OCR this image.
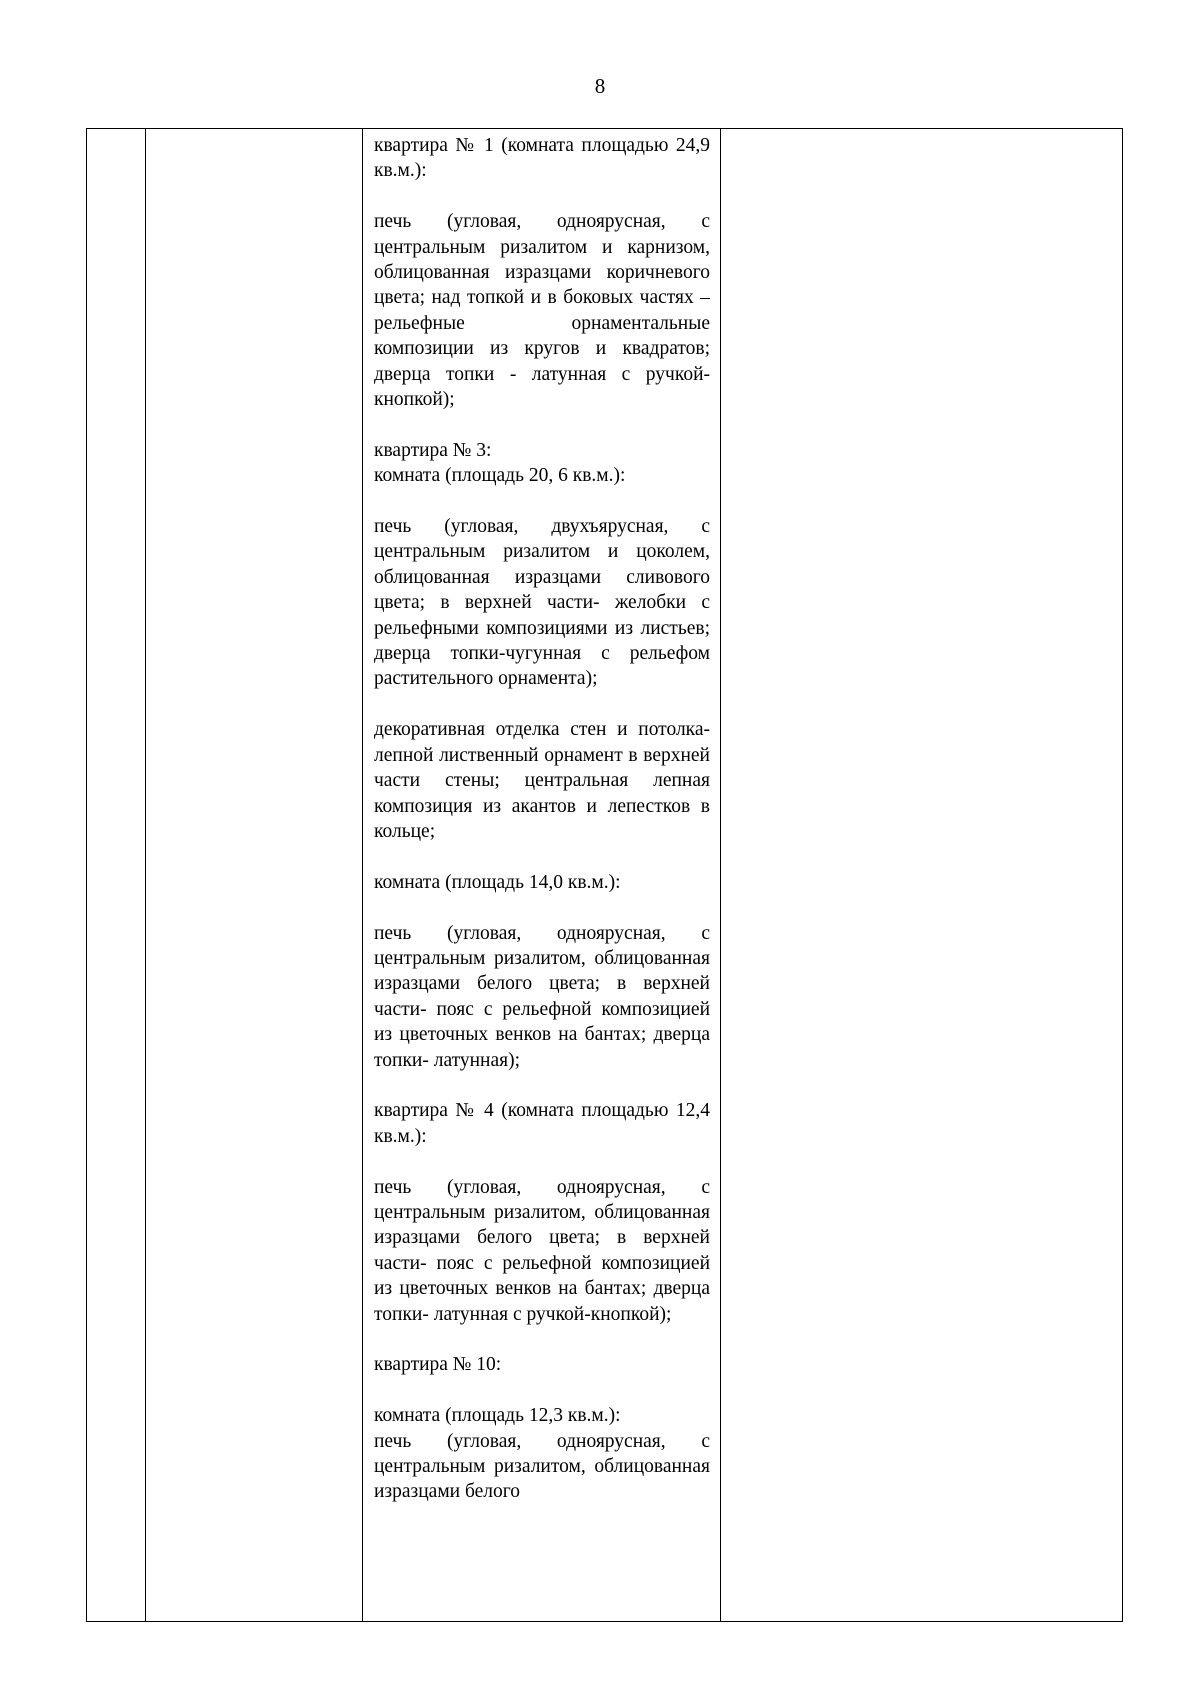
8

квартира № 1 (комната площадью 24,9 кв.м.):

печь (угловая, одноярусная, с центральным ризалитом и карнизом, облицованная изразцами коричневого цвета; над топкой и в боковых частях – рельефные орнаментальные композиции из кругов и квадратов; дверца топки - латунная с ручкой-кнопкой);

квартира № 3:

комната (площадь 20, 6 кв.м.):

печь (угловая, двухъярусная, с центральным ризалитом и цоколем, облицованная изразцами сливового цвета; в верхней части- желобки с рельефными композициями из листьев; дверца топки-чугунная с рельефом растительного орнамента);

декоративная отделка стен и потолка- лепной лиственный орнамент в верхней части стены; центральная лепная композиция из акантов и лепестков в кольце;

комната (площадь 14,0 кв.м.):

печь (угловая, одноярусная, с центральным ризалитом, облицованная изразцами белого цвета; в верхней части- пояс с рельефной композицией из цветочных венков на бантах; дверца топки- латунная);

квартира № 4 (комната площадью 12,4 кв.м.):

печь (угловая, одноярусная, с центральным ризалитом, облицованная изразцами белого цвета; в верхней части- пояс с рельефной композицией из цветочных венков на бантах; дверца топки- латунная с ручкой-кнопкой);

квартира № 10:

комната (площадь 12,3 кв.м.):

печь (угловая, одноярусная, с центральным ризалитом, облицованная изразцами белого
